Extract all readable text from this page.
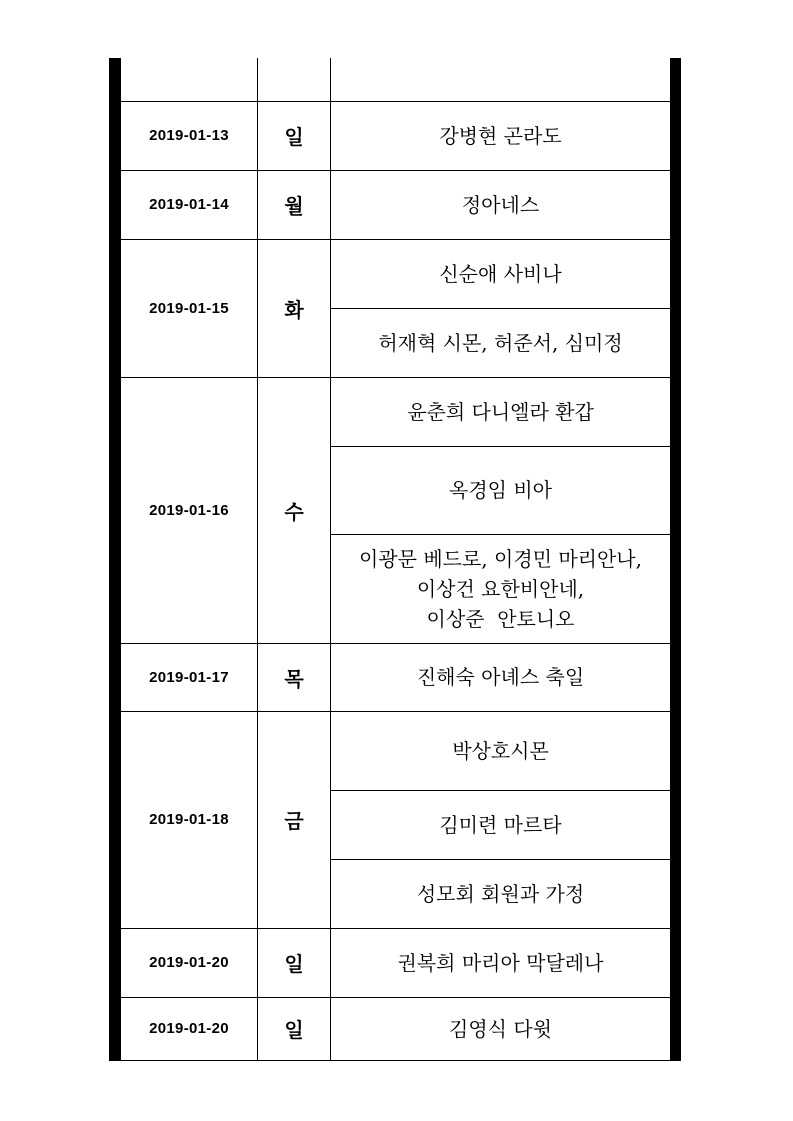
2019-01-13	일	강병현 곤라도
2019-01-14	월	정아네스
2019-01-15	화	신순애 사비나
		허재혁 시몬, 허준서, 심미정
2019-01-16	수	윤춘희 다니엘라 환갑
		옥경임 비아

		이광문 베드로, 이경민 마리안나,
이상건 요한비안네,
이상준  안토니오

2019-01-17	목	진해숙 아녜스 축일
2019-01-18	금	박상호시몬
		김미련 마르타
		성모회 회원과 가정
2019-01-20	일	권복희 마리아 막달레나
2019-01-20	일	김영식 다윗
